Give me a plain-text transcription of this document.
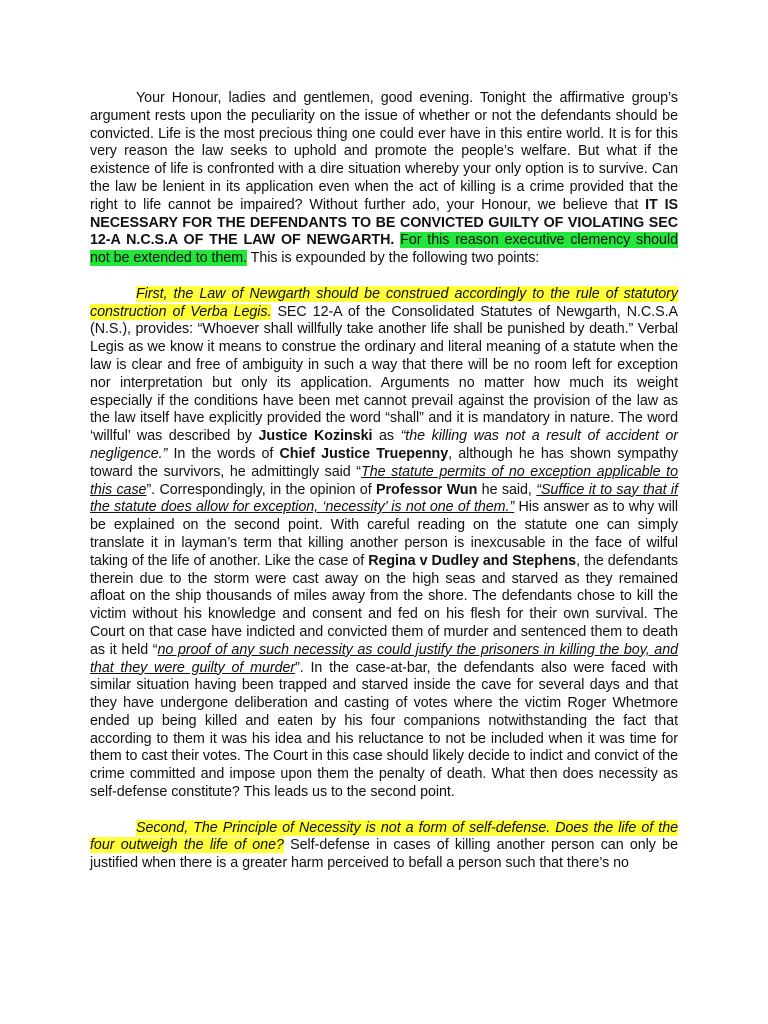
Your Honour, ladies and gentlemen, good evening. Tonight the affirmative group’s argument rests upon the peculiarity on the issue of whether or not the defendants should be convicted. Life is the most precious thing one could ever have in this entire world. It is for this very reason the law seeks to uphold and promote the people’s welfare. But what if the existence of life is confronted with a dire situation whereby your only option is to survive. Can the law be lenient in its application even when the act of killing is a crime provided that the right to life cannot be impaired? Without further ado, your Honour, we believe that IT IS NECESSARY FOR THE DEFENDANTS TO BE CONVICTED GUILTY OF VIOLATING SEC 12-A N.C.S.A OF THE LAW OF NEWGARTH. For this reason executive clemency should not be extended to them. This is expounded by the following two points:

First, the Law of Newgarth should be construed accordingly to the rule of statutory construction of Verba Legis. SEC 12-A of the Consolidated Statutes of Newgarth, N.C.S.A (N.S.), provides: “Whoever shall willfully take another life shall be punished by death.” Verbal Legis as we know it means to construe the ordinary and literal meaning of a statute when the law is clear and free of ambiguity in such a way that there will be no room left for exception nor interpretation but only its application. Arguments no matter how much its weight especially if the conditions have been met cannot prevail against the provision of the law as the law itself have explicitly provided the word “shall” and it is mandatory in nature. The word ‘willful’ was described by Justice Kozinski as “the killing was not a result of accident or negligence.” In the words of Chief Justice Truepenny, although he has shown sympathy toward the survivors, he admittingly said “The statute permits of no exception applicable to this case”. Correspondingly, in the opinion of Professor Wun he said, “Suffice it to say that if the statute does allow for exception, ‘necessity’ is not one of them.” His answer as to why will be explained on the second point. With careful reading on the statute one can simply translate it in layman’s term that killing another person is inexcusable in the face of wilful taking of the life of another. Like the case of Regina v Dudley and Stephens, the defendants therein due to the storm were cast away on the high seas and starved as they remained afloat on the ship thousands of miles away from the shore. The defendants chose to kill the victim without his knowledge and consent and fed on his flesh for their own survival. The Court on that case have indicted and convicted them of murder and sentenced them to death as it held “no proof of any such necessity as could justify the prisoners in killing the boy, and that they were guilty of murder”. In the case-at-bar, the defendants also were faced with similar situation having been trapped and starved inside the cave for several days and that they have undergone deliberation and casting of votes where the victim Roger Whetmore ended up being killed and eaten by his four companions notwithstanding the fact that according to them it was his idea and his reluctance to not be included when it was time for them to cast their votes. The Court in this case should likely decide to indict and convict of the crime committed and impose upon them the penalty of death. What then does necessity as self-defense constitute? This leads us to the second point.

Second, The Principle of Necessity is not a form of self-defense. Does the life of the four outweigh the life of one? Self-defense in cases of killing another person can only be justified when there is a greater harm perceived to befall a person such that there’s no
